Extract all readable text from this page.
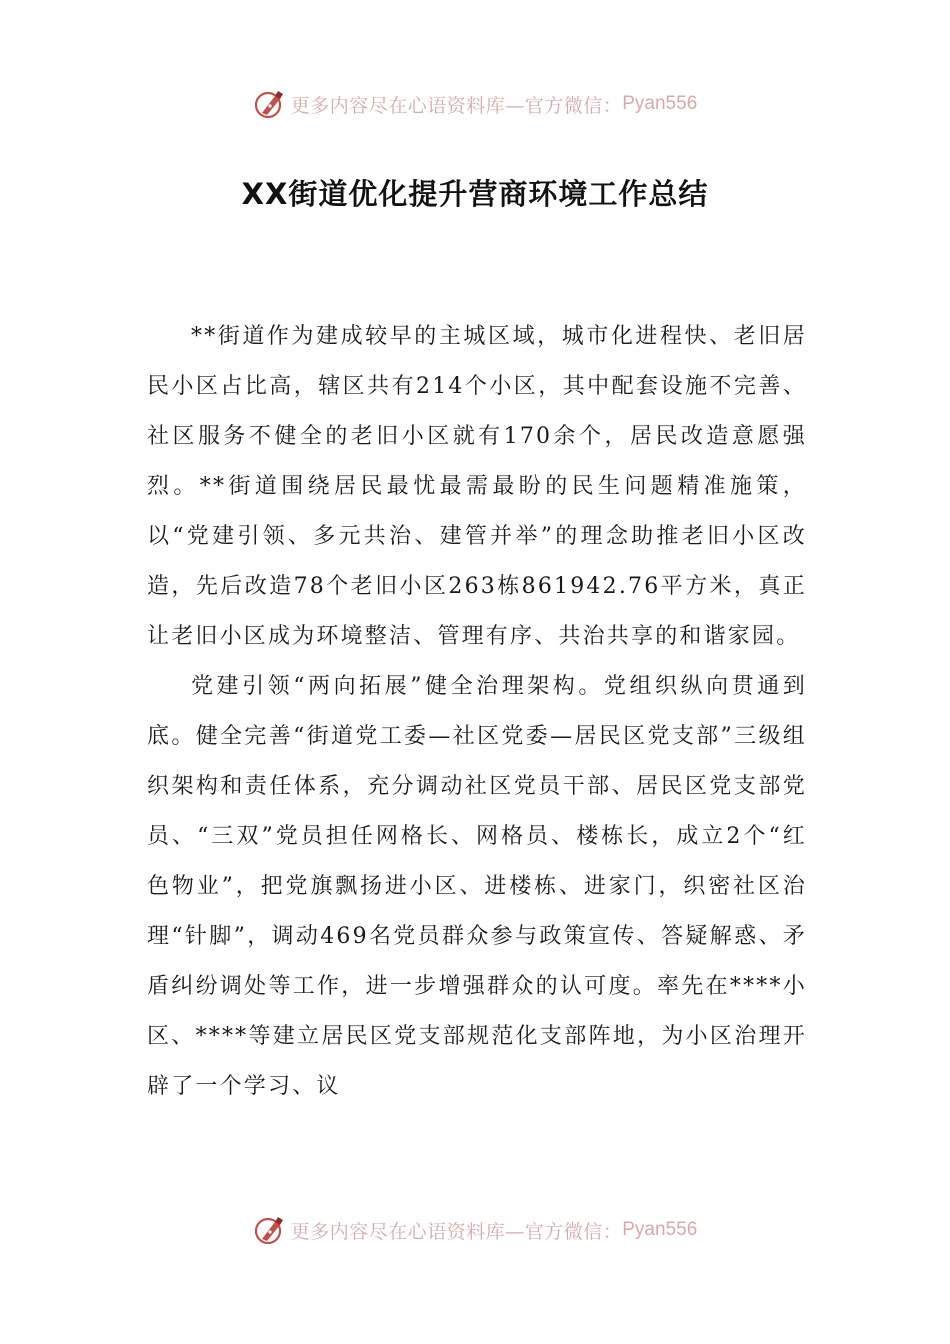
更多内容尽在心语资料库—官方微信： Pyan556
XX街道优化提升营商环境工作总结

**街道作为建成较早的主城区域，城市化进程快、老旧居民小区占比高，辖区共有214个小区，其中配套设施不完善、社区服务不健全的老旧小区就有170余个，居民改造意愿强烈。**街道围绕居民最忧最需最盼的民生问题精准施策，以“党建引领、多元共治、建管并举”的理念助推老旧小区改造，先后改造78个老旧小区263栋861942.76平方米，真正让老旧小区成为环境整洁、管理有序、共治共享的和谐家园。

党建引领“两向拓展”健全治理架构。党组织纵向贯通到底。健全完善“街道党工委—社区党委—居民区党支部”三级组织架构和责任体系，充分调动社区党员干部、居民区党支部党员、“三双”党员担任网格长、网格员、楼栋长，成立2个“红色物业”，把党旗飘扬进小区、进楼栋、进家门，织密社区治理“针脚”，调动469名党员群众参与政策宣传、答疑解惑、矛盾纠纷调处等工作，进一步增强群众的认可度。率先在****小区、****等建立居民区党支部规范化支部阵地，为小区治理开辟了一个学习、议

更多内容尽在心语资料库—官方微信： Pyan556
